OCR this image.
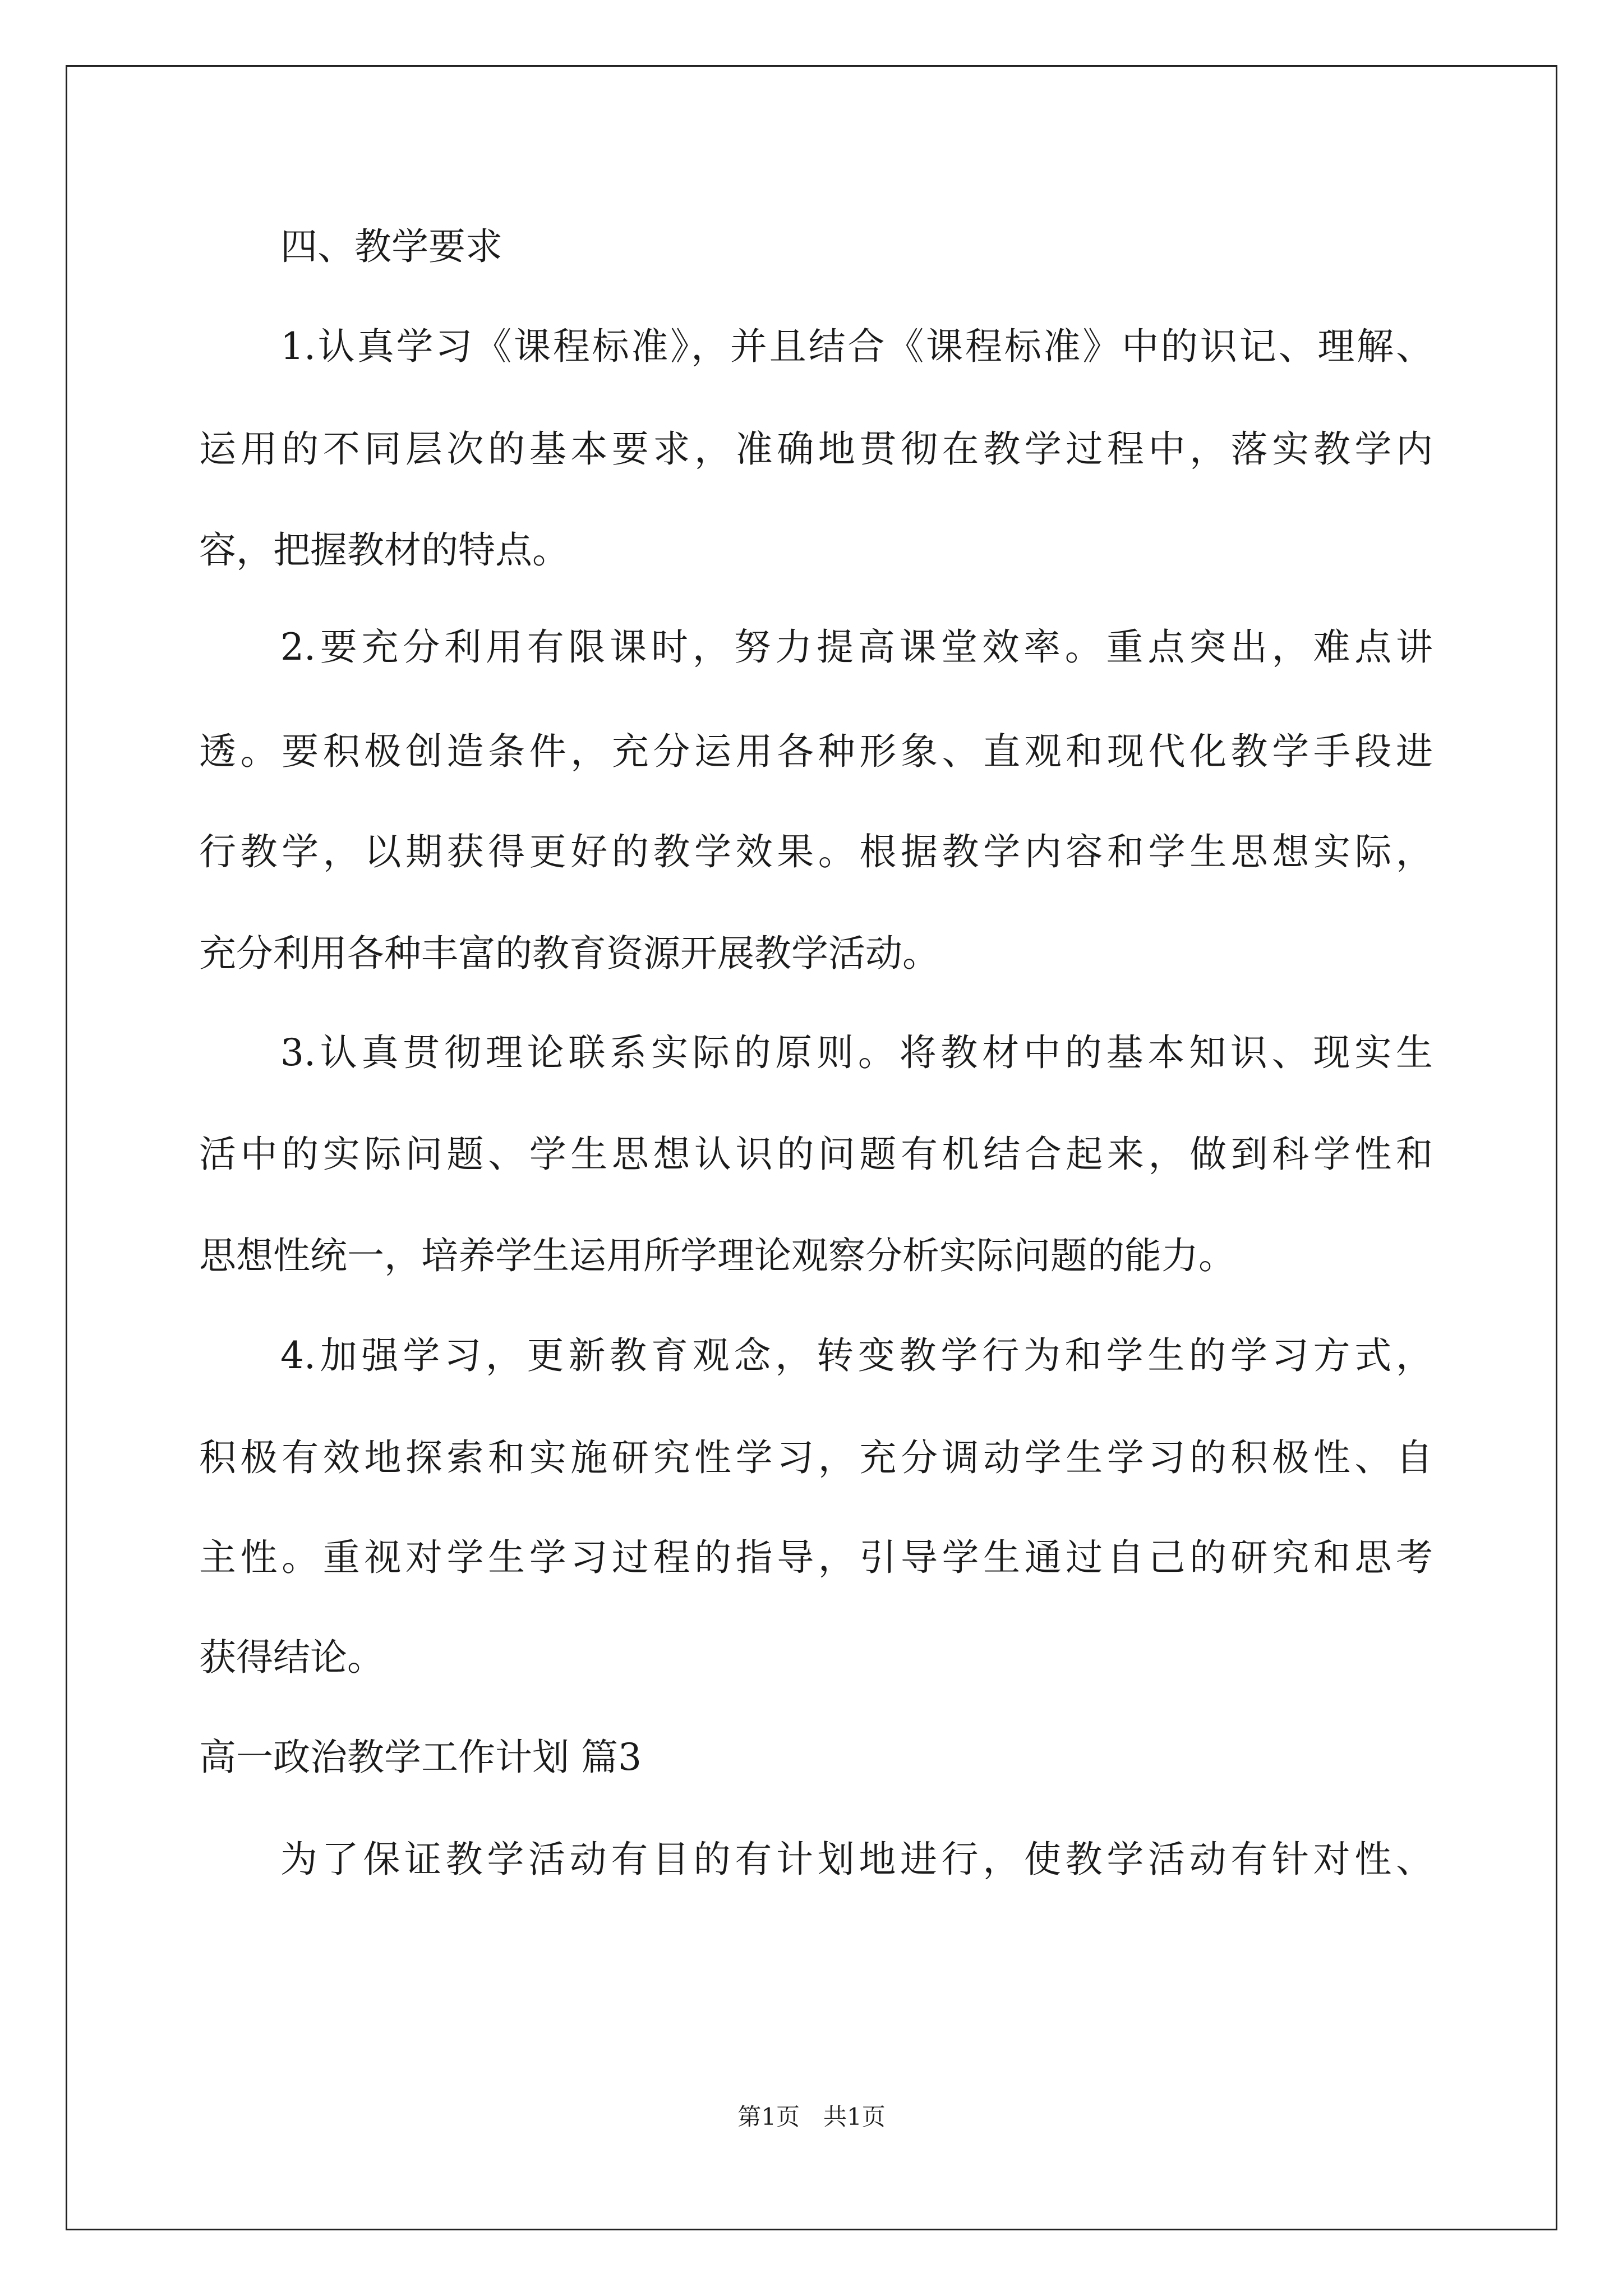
四、教学要求
1.认真学习《课程标准》，并且结合《课程标准》中的识记、理解、
运用的不同层次的基本要求，准确地贯彻在教学过程中，落实教学内
容，把握教材的特点。
2.要充分利用有限课时，努力提高课堂效率。重点突出，难点讲
透。要积极创造条件，充分运用各种形象、直观和现代化教学手段进
行教学，以期获得更好的教学效果。根据教学内容和学生思想实际，
充分利用各种丰富的教育资源开展教学活动。
3.认真贯彻理论联系实际的原则。将教材中的基本知识、现实生
活中的实际问题、学生思想认识的问题有机结合起来，做到科学性和
思想性统一，培养学生运用所学理论观察分析实际问题的能力。
4.加强学习，更新教育观念，转变教学行为和学生的学习方式，
积极有效地探索和实施研究性学习，充分调动学生学习的积极性、自
主性。重视对学生学习过程的指导，引导学生通过自己的研究和思考
获得结论。
高一政治教学工作计划 篇3
为了保证教学活动有目的有计划地进行，使教学活动有针对性、
第1页　共1页
